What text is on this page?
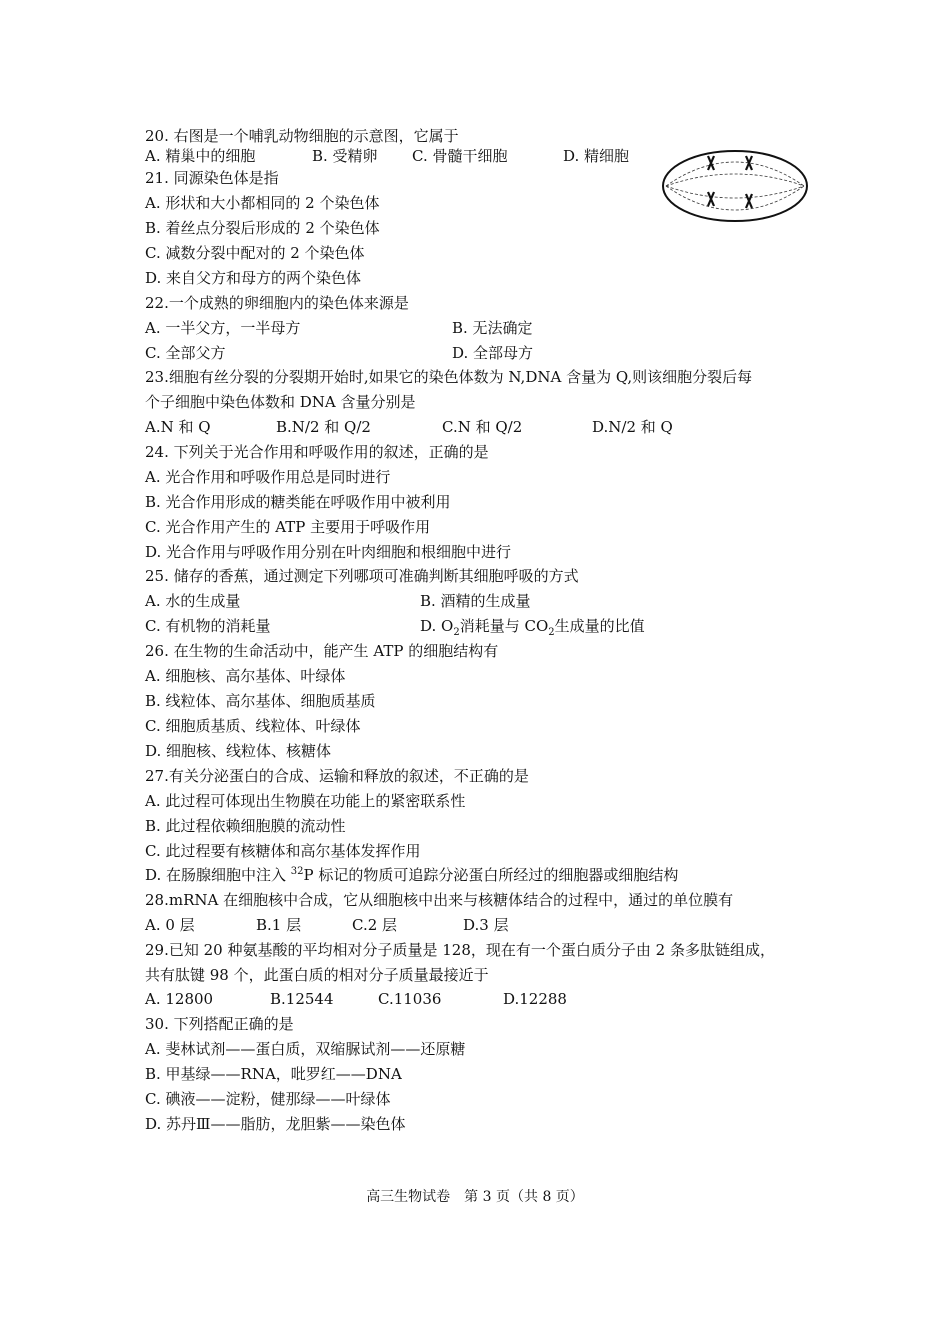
20. 右图是一个哺乳动物细胞的示意图，它属于
A. 精巢中的细胞	B. 受精卵 C. 骨髓干细胞	D. 精细胞
21. 同源染色体是指
A. 形状和大小都相同的 2 个染色体
B. 着丝点分裂后形成的 2 个染色体
C. 减数分裂中配对的 2 个染色体
D. 来自父方和母方的两个染色体
22.一个成熟的卵细胞内的染色体来源是
A. 一半父方，一半母方	B. 无法确定
C. 全部父方	D. 全部母方
23.细胞有丝分裂的分裂期开始时,如果它的染色体数为 N,DNA 含量为 Q,则该细胞分裂后每
个子细胞中染色体数和 DNA 含量分别是
A.N 和 Q	B.N/2 和 Q/2	C.N 和 Q/2	D.N/2 和 Q
24. 下列关于光合作用和呼吸作用的叙述，正确的是
A. 光合作用和呼吸作用总是同时进行
B. 光合作用形成的糖类能在呼吸作用中被利用
C. 光合作用产生的 ATP 主要用于呼吸作用
D. 光合作用与呼吸作用分别在叶肉细胞和根细胞中进行
25. 储存的香蕉，通过测定下列哪项可准确判断其细胞呼吸的方式
A. 水的生成量	B. 酒精的生成量
C. 有机物的消耗量	D. $O_2$消耗量与 $CO_2$生成量的比值
26. 在生物的生命活动中，能产生 ATP 的细胞结构有
A. 细胞核、高尔基体、叶绿体
B. 线粒体、高尔基体、细胞质基质
C. 细胞质基质、线粒体、叶绿体
D. 细胞核、线粒体、核糖体
27.有关分泌蛋白的合成、运输和释放的叙述，不正确的是
A. 此过程可体现出生物膜在功能上的紧密联系性
B. 此过程依赖细胞膜的流动性
C. 此过程要有核糖体和高尔基体发挥作用
D. 在肠腺细胞中注入 $^{32}$P 标记的物质可追踪分泌蛋白所经过的细胞器或细胞结构
28.mRNA 在细胞核中合成，它从细胞核中出来与核糖体结合的过程中，通过的单位膜有
A. 0 层	B.1 层	C.2 层	D.3 层
29.已知 20 种氨基酸的平均相对分子质量是 128，现在有一个蛋白质分子由 2 条多肽链组成，
共有肽键 98 个，此蛋白质的相对分子质量最接近于
A. 12800	B.12544	C.11036	D.12288
30. 下列搭配正确的是
A. 斐林试剂——蛋白质，双缩脲试剂——还原糖
B. 甲基绿——RNA，吡罗红——DNA
C. 碘液——淀粉，健那绿——叶绿体
D. 苏丹Ⅲ——脂肪，龙胆紫——染色体
高三生物试卷　第 3 页（共 8 页）
